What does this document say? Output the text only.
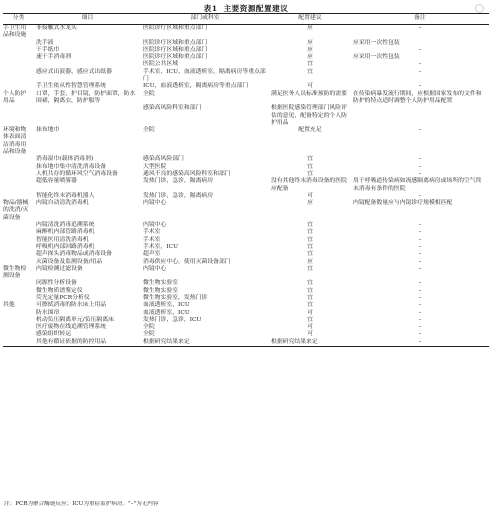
表1 主要资源配置建议
分类	细目	部门或科室	配置建议	备注
手卫生用品和设施	非接触式水龙头	医院诊疗区域和重点部门	应	–
	洗手液	医院诊疗区域和重点部门	应	应采用一次性包装
	干手纸巾	医院诊疗区域和重点部门	应	–
	速干手消毒剂	医院诊疗区域和重点部门	应	应采用一次性包装
		医院公共区域	宜	–
	感应式出液器、感应式出纸器	手术室，ICU，血液透析室，隔离病房等重点部门	宜	–
	手卫生依从性智慧管理系统	ICU，血液透析室，隔离病房等重点部门	可	–
个人防护用品	口罩，手套，护目镜，防护面罩，防水围裙，隔离衣，防护服等	全院	满足医务人员标准预防的需要	在传染病暴发流行期间，应根据国家发布的文件和防护的特点适时调整个人防护用品配置
		感染高风险科室和部门	根据医院感染管理部门风险评估的意见，配备特定的个人防护用品	
环境和物体表面清洁消毒用品和设备	抹布地巾	全院	配置充足	–
	消毒湿巾(载体消毒剂)	感染高风险部门	宜	–
	抹布地巾集中清洗消毒设备	大型医院	宜	–
	人机共存的循环风空气消毒设备	通风不良的感染高风险科室和部门	宜	–
	超低容量喷雾器	发热门诊，急诊，隔离病房	没有其他终末消毒设备的医院应配备	用于呼吸道传染病如流感隔离病房或场所的空气终末消毒有条件的医院
	智能化终末消毒机器人	发热门诊，急诊，隔离病房	可	–
物品/器械的洗消/灭菌设备	内镜自动清洗消毒机	内镜中心	应	内镜配备数量应与内镜诊疗规模相匹配
	内镜清洗消毒追溯系统	内镜中心	宜	–
	麻醉机内部管路消毒机	手术室	宜	–
	智能医用清洗消毒机	手术室	宜	–
	呼吸机内部回路消毒机	手术室，ICU	宜	–
	超声探头消毒物品或消毒设备	超声室	宜	–
	灭菌设备及监测设备/用品	消毒供应中心，使用灭菌设备部门	应	–
微生物检测设备	内镜检测过滤设备	内镜中心	宜	–
	同源性分析设备	微生物实验室	宜	–
	微生物质谱鉴定仪	微生物实验室	宜	–
	荧光定量PCR分析仪	微生物实验室，发热门诊	宜	–
其他	可擦拭消毒的防水床上用品	血液透析室，ICU	宜	–
	防水围帘	血液透析室，ICU	可	–
	机动负压隔离单元/负压隔离床	发热门诊，急诊，ICU	宜	–
	医疗废物在线追溯管理系统	全院	可	–
	感染组织转运	全院	可	–
	其他有循证依据的防控用品	根据研究结果来定	根据研究结果来定	–
注：PCR为聚合酶链反应；ICU为重症监护病房。"–"为无内容
